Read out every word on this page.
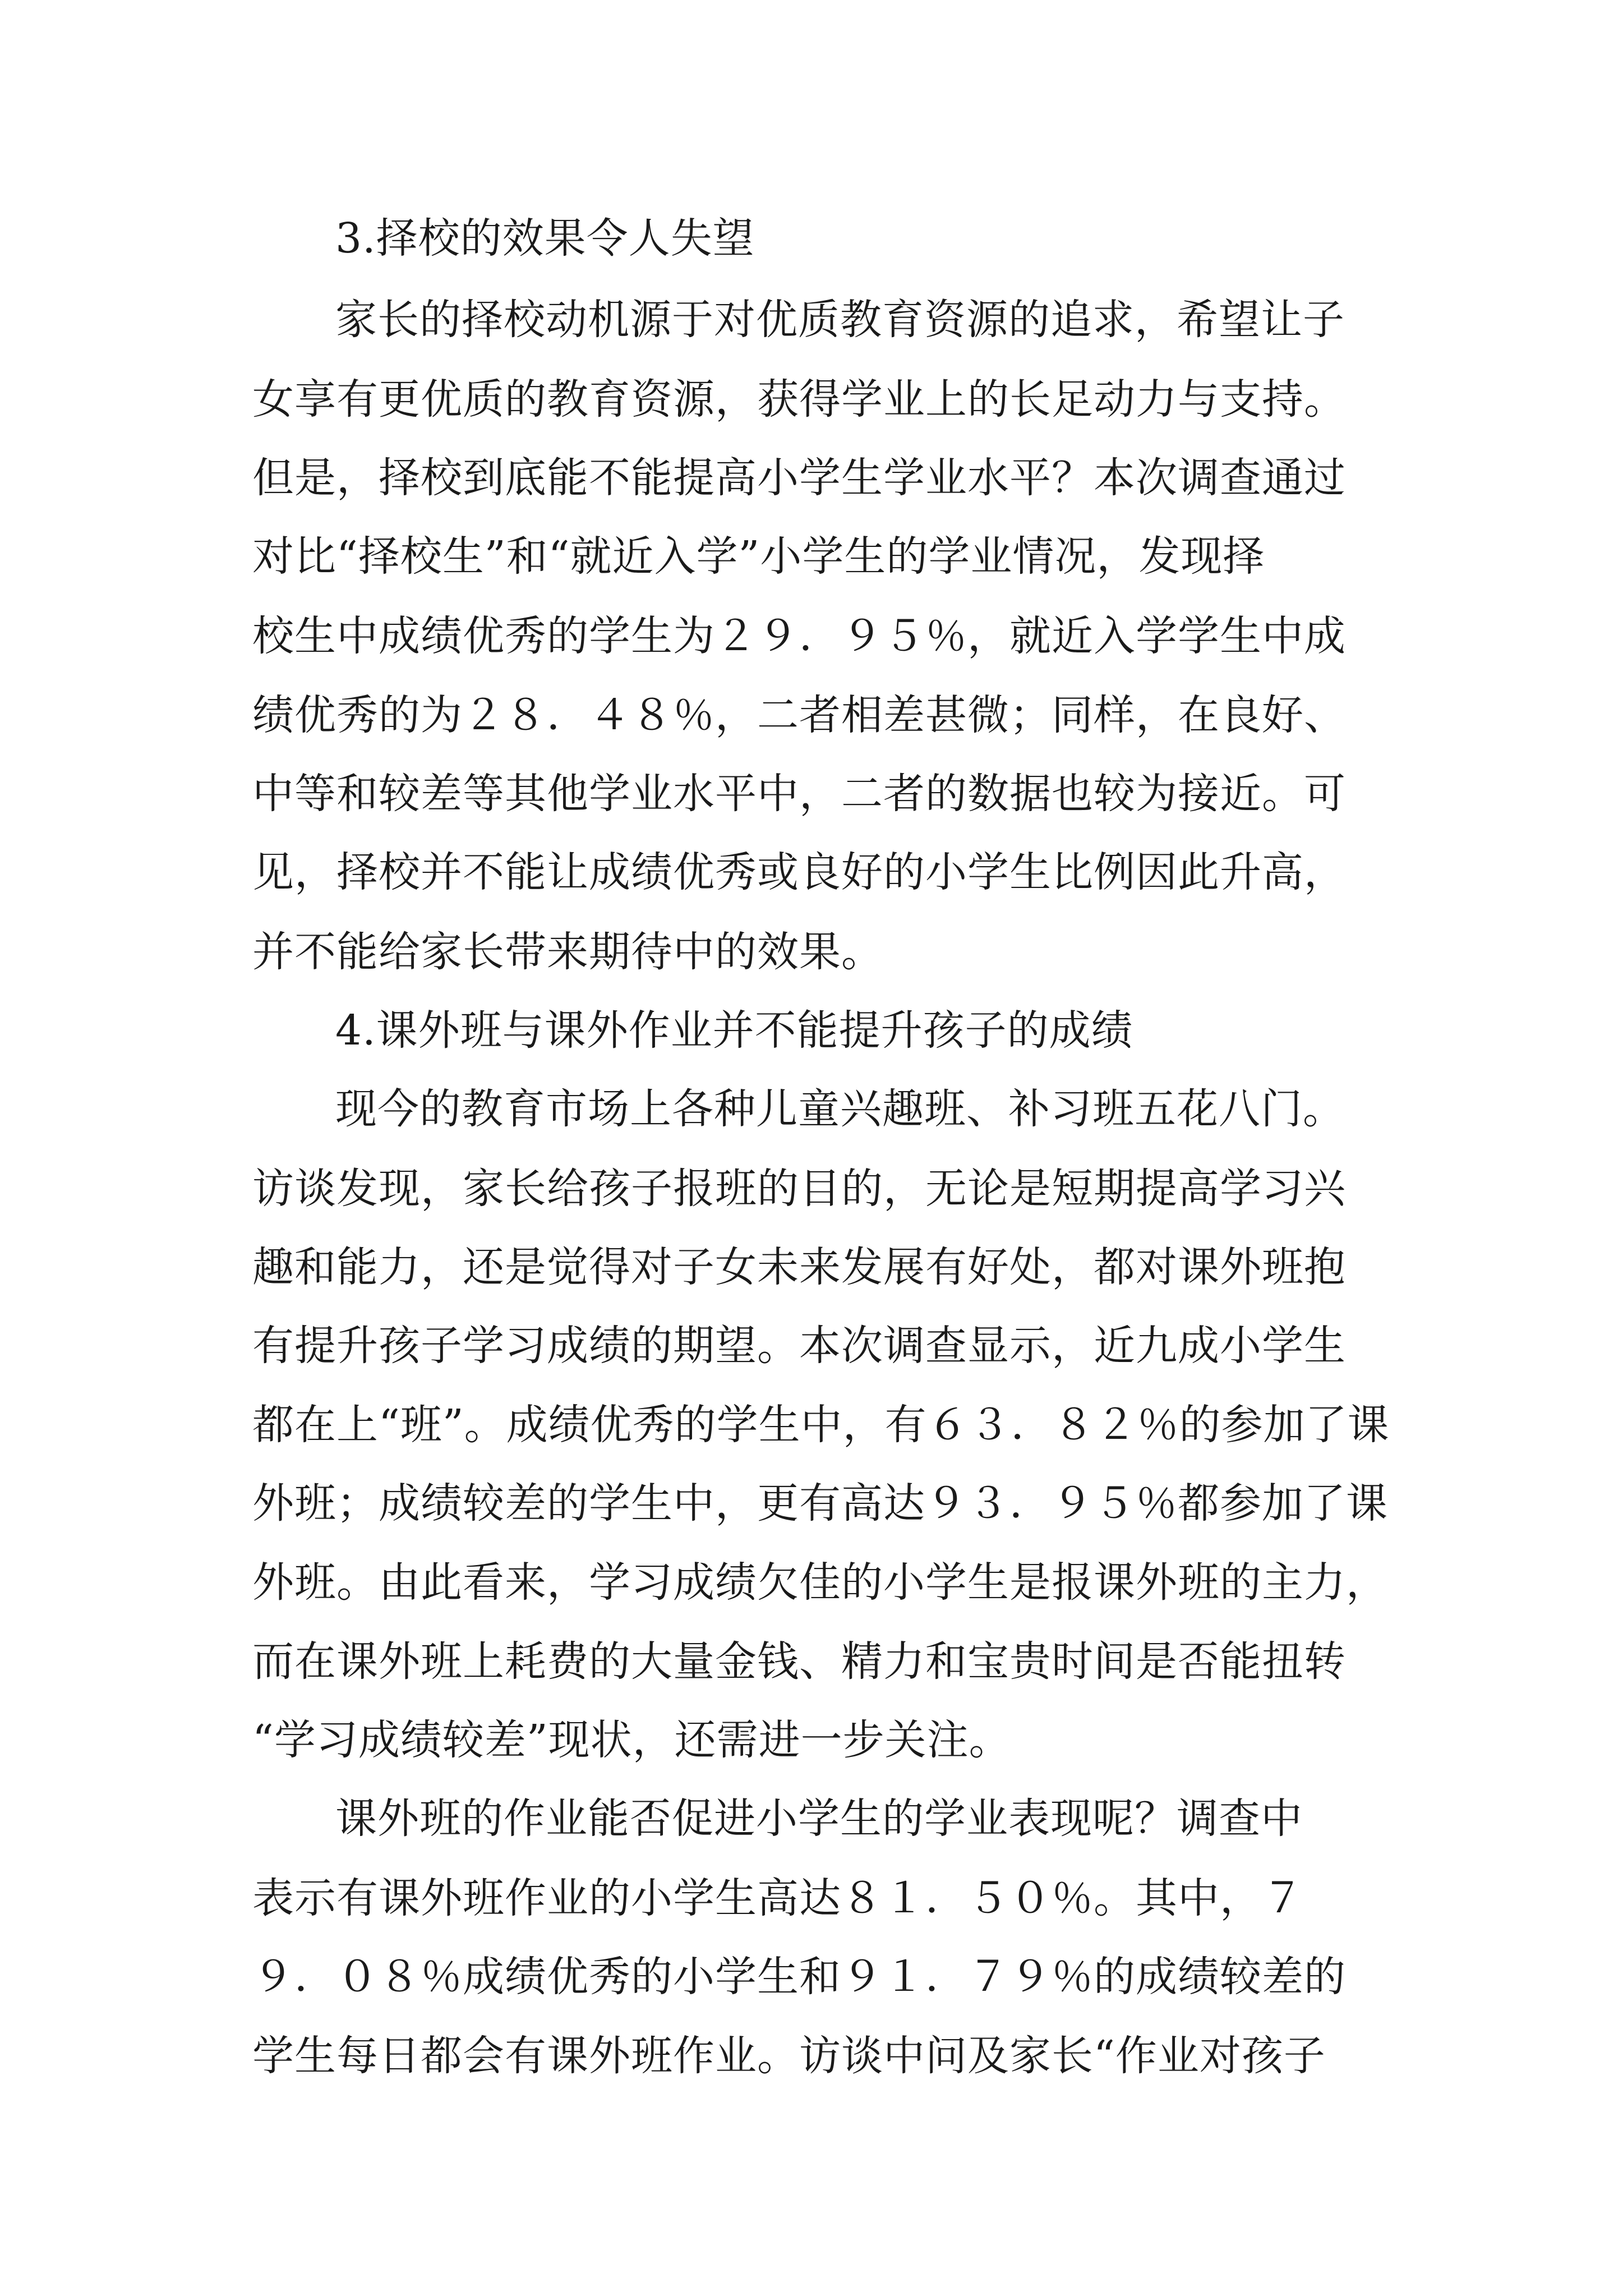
3.择校的效果令人失望

家长的择校动机源于对优质教育资源的追求，希望让子

女享有更优质的教育资源，获得学业上的长足动力与支持。

但是，择校到底能不能提高小学生学业水平？本次调查通过

对比“择校生”和“就近入学”小学生的学业情况，发现择

校生中成绩优秀的学生为２９．９５％，就近入学学生中成

绩优秀的为２８．４８％，二者相差甚微；同样，在良好、

中等和较差等其他学业水平中，二者的数据也较为接近。可

见，择校并不能让成绩优秀或良好的小学生比例因此升高，

并不能给家长带来期待中的效果。

4.课外班与课外作业并不能提升孩子的成绩

现今的教育市场上各种儿童兴趣班、补习班五花八门。

访谈发现，家长给孩子报班的目的，无论是短期提高学习兴

趣和能力，还是觉得对子女未来发展有好处，都对课外班抱

有提升孩子学习成绩的期望。本次调查显示，近九成小学生

都在上“班”。成绩优秀的学生中，有６３．８２％的参加了课

外班；成绩较差的学生中，更有高达９３．９５％都参加了课

外班。由此看来，学习成绩欠佳的小学生是报课外班的主力，

而在课外班上耗费的大量金钱、精力和宝贵时间是否能扭转

“学习成绩较差”现状，还需进一步关注。

课外班的作业能否促进小学生的学业表现呢？调查中

表示有课外班作业的小学生高达８１．５０％。其中，７

９．０８％成绩优秀的小学生和９１．７９％的成绩较差的

学生每日都会有课外班作业。访谈中问及家长“作业对孩子
